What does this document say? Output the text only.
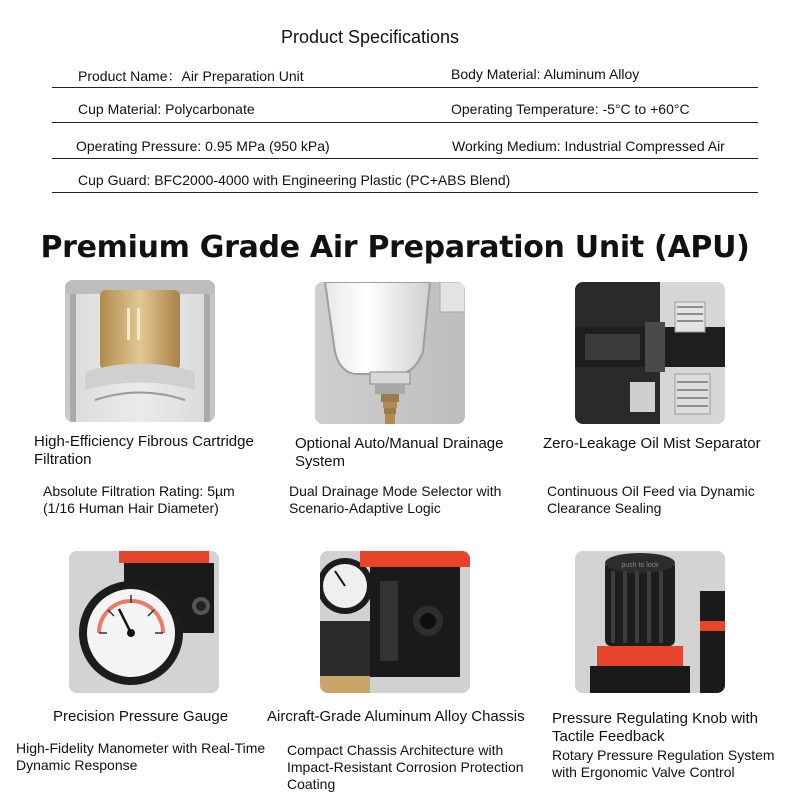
Product Specifications
Product Name：Air Preparation Unit	Body Material: Aluminum Alloy
Cup Material: Polycarbonate	Operating Temperature: -5°C to +60°C
Operating Pressure: 0.95 MPa (950 kPa)	Working Medium: Industrial Compressed Air
Cup Guard: BFC2000-4000 with Engineering Plastic (PC+ABS Blend)
Premium Grade Air Preparation Unit (APU)
High-Efficiency Fibrous Cartridge Filtration
Absolute Filtration Rating: 5µm (1/16 Human Hair Diameter)
Optional Auto/Manual Drainage System
Dual Drainage Mode Selector with Scenario-Adaptive Logic
Zero-Leakage Oil Mist Separator
Continuous Oil Feed via Dynamic Clearance Sealing
push to lock
Precision Pressure Gauge
High-Fidelity Manometer with Real-Time Dynamic Response
Aircraft-Grade Aluminum Alloy Chassis
Compact Chassis Architecture with Impact-Resistant Corrosion Protection Coating
Pressure Regulating Knob with Tactile Feedback
Rotary Pressure Regulation System with Ergonomic Valve Control
